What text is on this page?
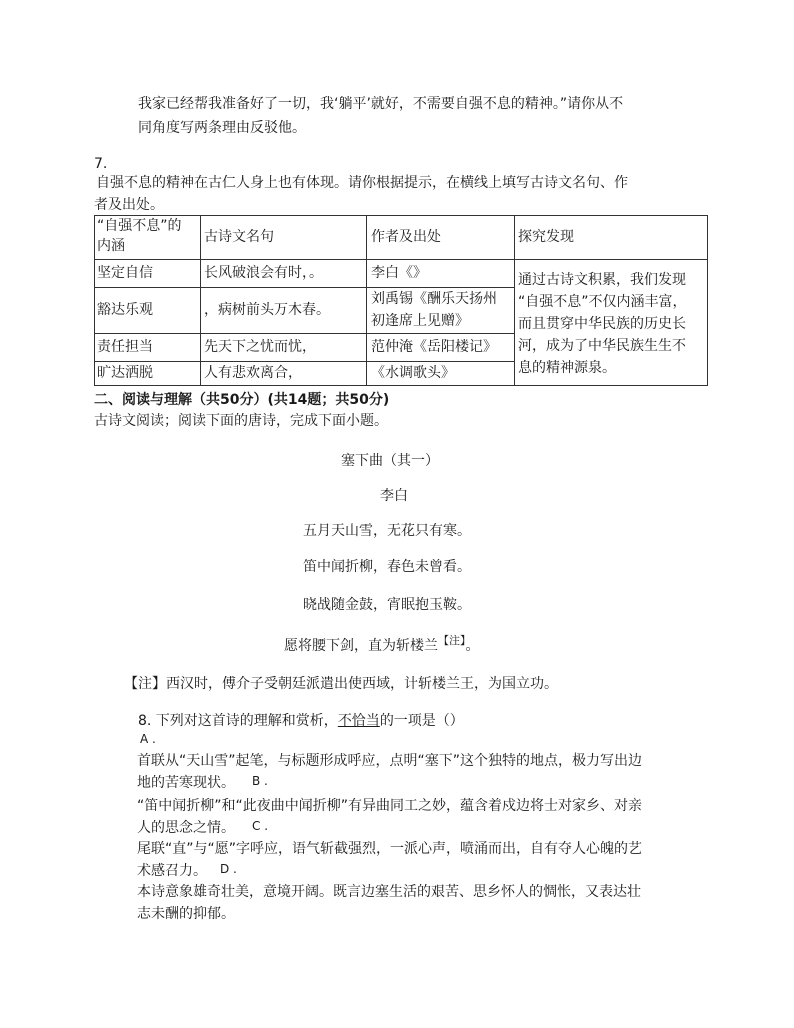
我家已经帮我准备好了一切，我‘躺平’就好，不需要自强不息的精神。”请你从不
同角度写两条理由反驳他。
7.
自强不息的精神在古仁人身上也有体现。请你根据提示，在横线上填写古诗文名句、作
者及出处。
“自强不息”的
内涵
古诗文名句	作者及出处	探究发现
坚定自信	长风破浪会有时，。	李白《》
豁达乐观	，病树前头万木春。
刘禹锡《酬乐天扬州
初逢席上见赠》
责任担当	先天下之忧而忧，	范仲淹《岳阳楼记》
旷达洒脱	人有悲欢离合，	《水调歌头》
通过古诗文积累，我们发现
“自强不息”不仅内涵丰富，
而且贯穿中华民族的历史长
河，成为了中华民族生生不
息的精神源泉。
二、阅读与理解（共50分）(共14题；共50分)
古诗文阅读；阅读下面的唐诗，完成下面小题。
塞下曲（其一）
李白
五月天山雪，无花只有寒。
笛中闻折柳，春色未曾看。
晓战随金鼓，宵眠抱玉鞍。
愿将腰下剑，直为斩楼兰$^{【注】}$。
【注】西汉时，傅介子受朝廷派遣出使西域，计斩楼兰王，为国立功。
8. 下列对这首诗的理解和赏析，不恰当的一项是（）
A .
首联从“天山雪”起笔，与标题形成呼应，点明“塞下”这个独特的地点，极力写出边
地的苦寒现状。 B .
“笛中闻折柳”和“此夜曲中闻折柳”有异曲同工之妙，蕴含着戍边将士对家乡、对亲
人的思念之情。 C .
尾联“直”与“愿”字呼应，语气斩截强烈，一派心声，喷涌而出，自有夺人心魄的艺
术感召力。 D .
本诗意象雄奇壮美，意境开阔。既言边塞生活的艰苦、思乡怀人的惆怅，又表达壮
志未酬的抑郁。
